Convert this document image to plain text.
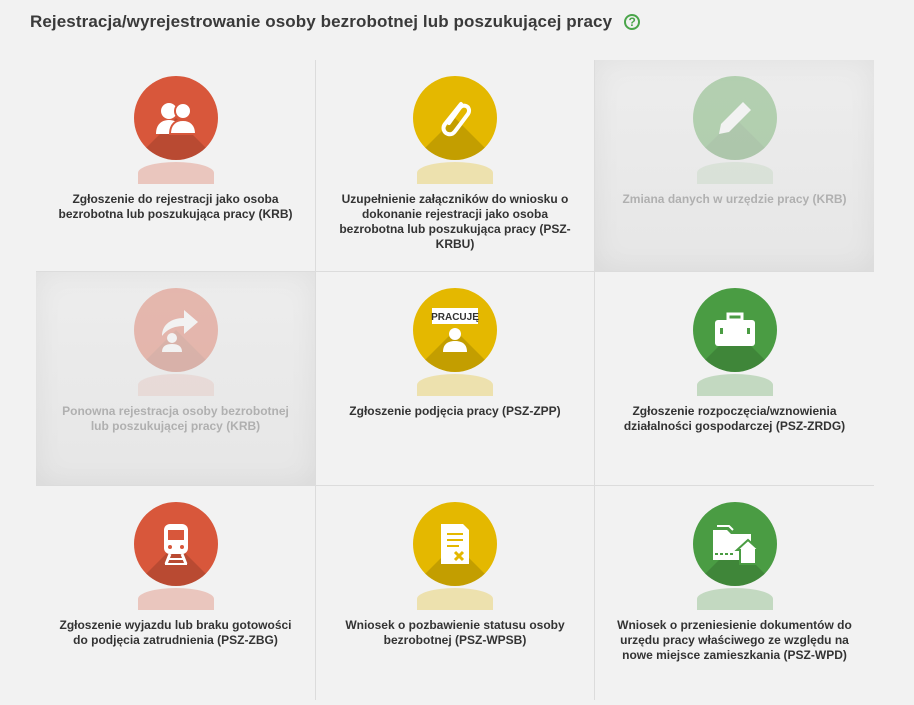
Rejestracja/wyrejestrowanie osoby bezrobotnej lub poszukującej pracy	?
Zgłoszenie do rejestracji jako osoba bezrobotna lub poszukująca pracy (KRB)
Uzupełnienie załączników do wniosku o dokonanie rejestracji jako osoba bezrobotna lub poszukująca pracy (PSZ-KRBU)
Zmiana danych w urzędzie pracy (KRB)
Ponowna rejestracja osoby bezrobotnej lub poszukującej pracy (KRB)
PRACUJĘ
Zgłoszenie podjęcia pracy (PSZ-ZPP)	Zgłoszenie rozpoczęcia/wznowienia działalności gospodarczej (PSZ-ZRDG)
Zgłoszenie wyjazdu lub braku gotowości do podjęcia zatrudnienia (PSZ-ZBG)
Wniosek o pozbawienie statusu osoby bezrobotnej (PSZ-WPSB)
Wniosek o przeniesienie dokumentów do urzędu pracy właściwego ze względu na nowe miejsce zamieszkania (PSZ-WPD)
